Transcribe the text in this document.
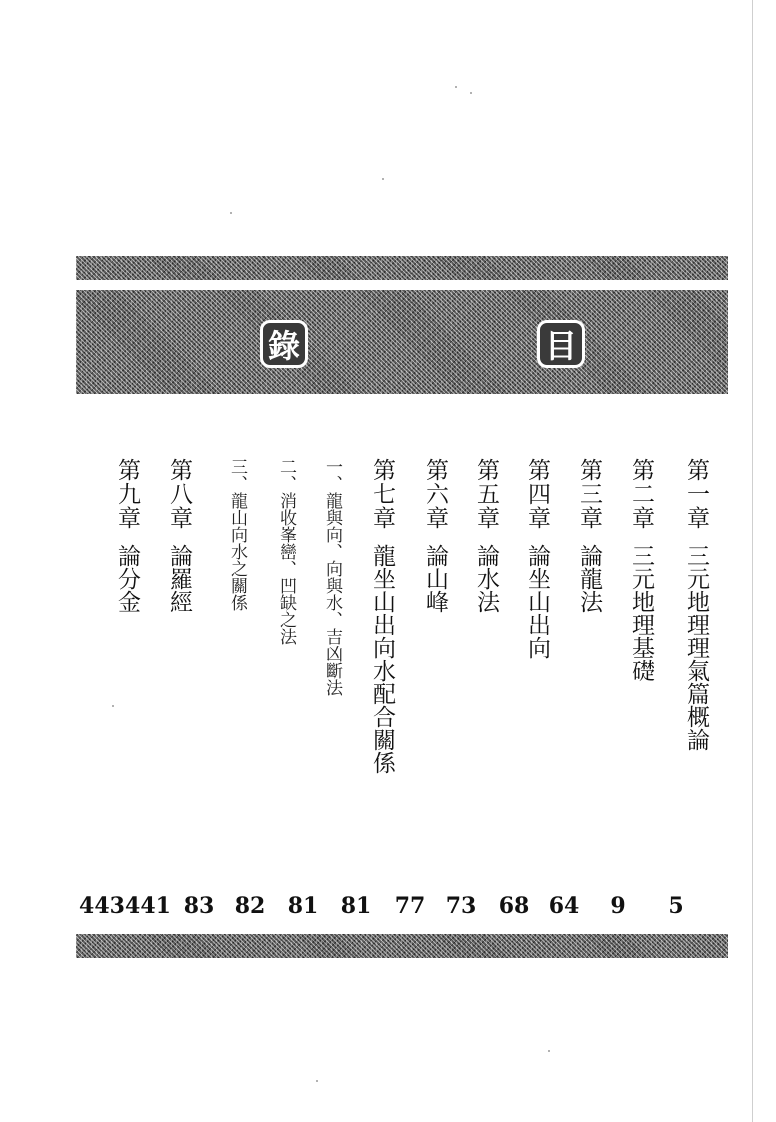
目
錄
第一章三元地理理氣篇概論
5
第二章三元地理基礎
9
第三章論龍法
64
第四章論坐山出向
68
第五章論水法
73
第六章論山峰
77
第七章龍坐山出向水配合關係
81
一、龍與向、向與水、吉凶斷法
81
二、消收峯巒、凹缺之法
82
三、龍山向水之關係
83
第八章論羅經
441
第九章論分金
443
